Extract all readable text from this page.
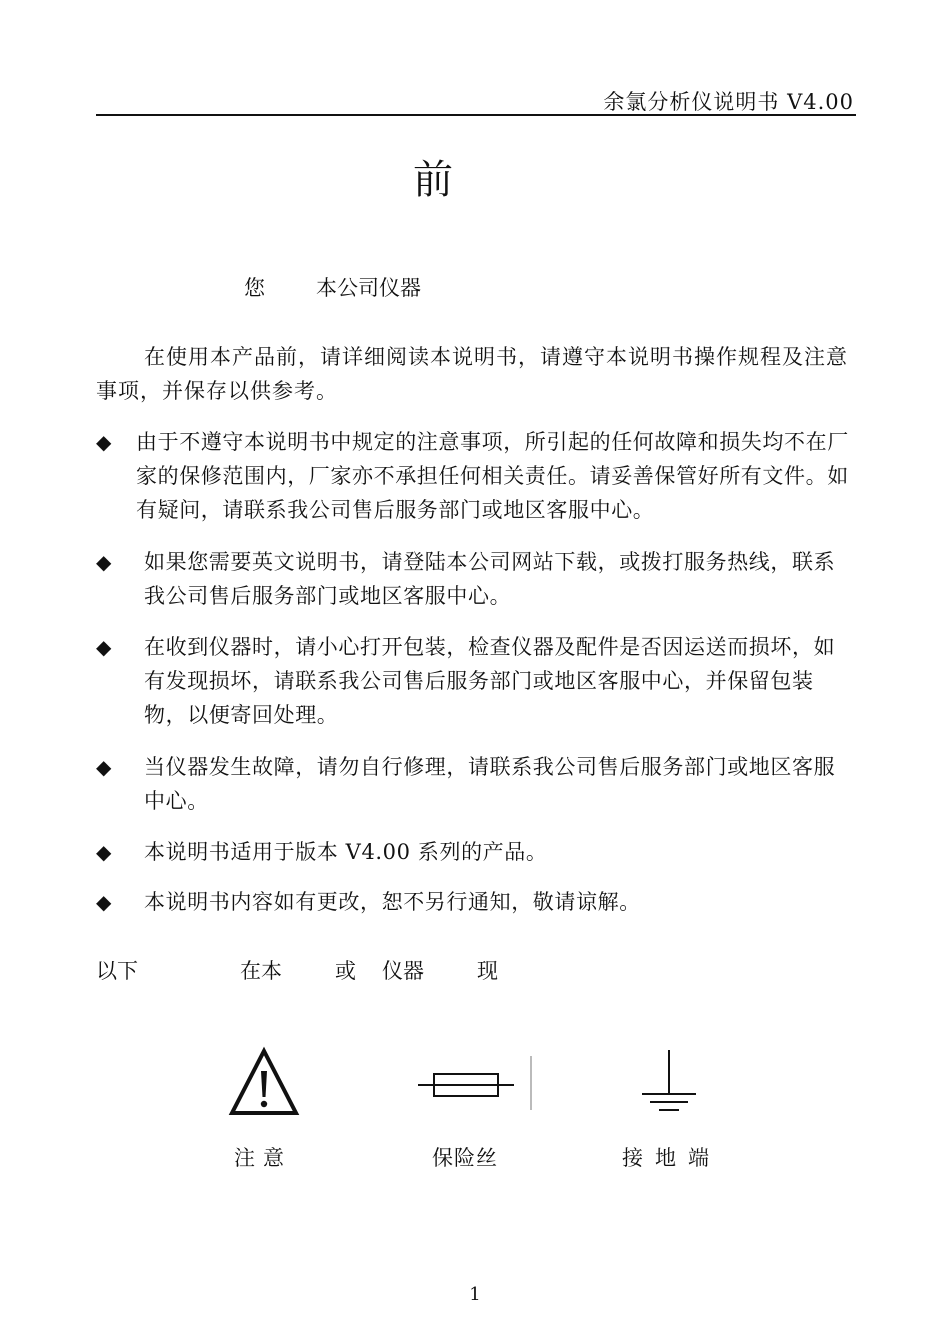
余氯分析仪说明书 V4.00
前
您 本公司仪器
在使用本产品前，请详细阅读本说明书，请遵守本说明书操作规程及注意事项，并保存以供参考。
◆ 由于不遵守本说明书中规定的注意事项，所引起的任何故障和损失均不在厂家的保修范围内，厂家亦不承担任何相关责任。请妥善保管好所有文件。如有疑问，请联系我公司售后服务部门或地区客服中心。
◆ 如果您需要英文说明书，请登陆本公司网站下载，或拨打服务热线，联系我公司售后服务部门或地区客服中心。
◆ 在收到仪器时，请小心打开包装，检查仪器及配件是否因运送而损坏，如有发现损坏，请联系我公司售后服务部门或地区客服中心，并保留包装物，以便寄回处理。
◆ 当仪器发生故障，请勿自行修理，请联系我公司售后服务部门或地区客服中心。
◆ 本说明书适用于版本 V4.00 系列的产品。
◆ 本说明书内容如有更改，恕不另行通知，敬请谅解。
以下	在本	或 仪器	现
注意	保险丝	接地端
1
